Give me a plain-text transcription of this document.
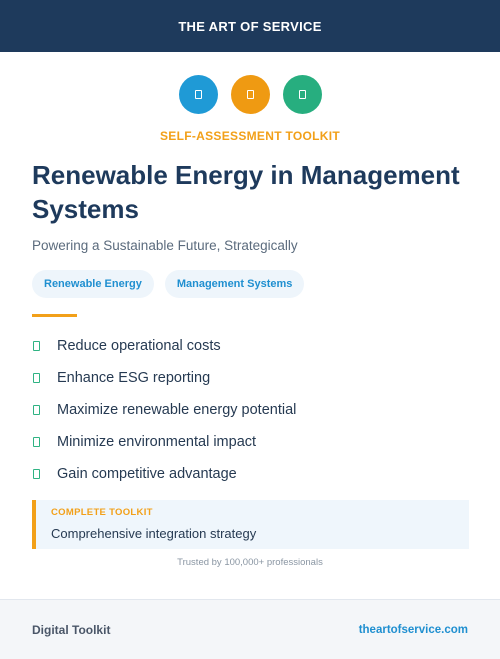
THE ART OF SERVICE
SELF-ASSESSMENT TOOLKIT
Renewable Energy in Management Systems

Powering a Sustainable Future, Strategically

Renewable Energy	Management Systems
Reduce operational costs
Enhance ESG reporting
Maximize renewable energy potential
Minimize environmental impact
Gain competitive advantage
COMPLETE TOOLKIT
Comprehensive integration strategy
Trusted by 100,000+ professionals
Digital Toolkit	theartofservice.com
